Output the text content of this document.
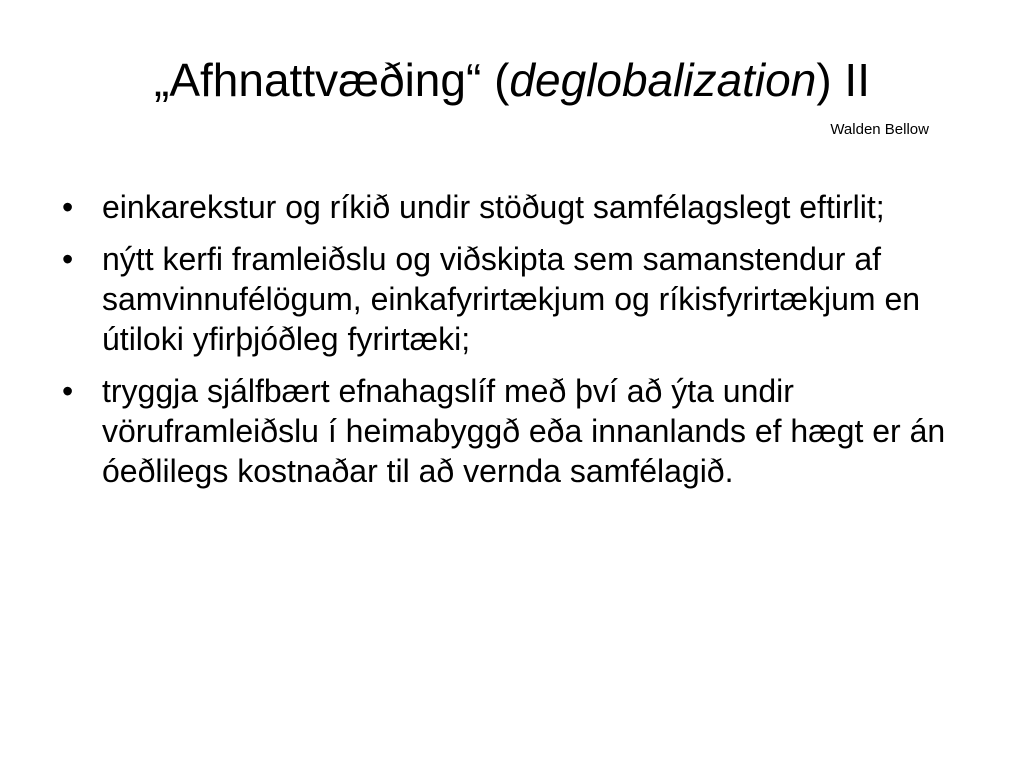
„Afhnattvæðing“ (deglobalization) II
Walden Bellow
• einkarekstur og ríkið undir stöðugt samfélagslegt eftirlit;
• nýtt kerfi framleiðslu og viðskipta sem samanstendur af samvinnufélögum, einkafyrirtækjum og ríkisfyrirtækjum en útiloki yfirþjóðleg fyrirtæki;
• tryggja sjálfbært efnahagslíf með því að ýta undir vöruframleiðslu í heimabyggð eða innanlands ef hægt er án óeðlilegs kostnaðar til að vernda samfélagið.
